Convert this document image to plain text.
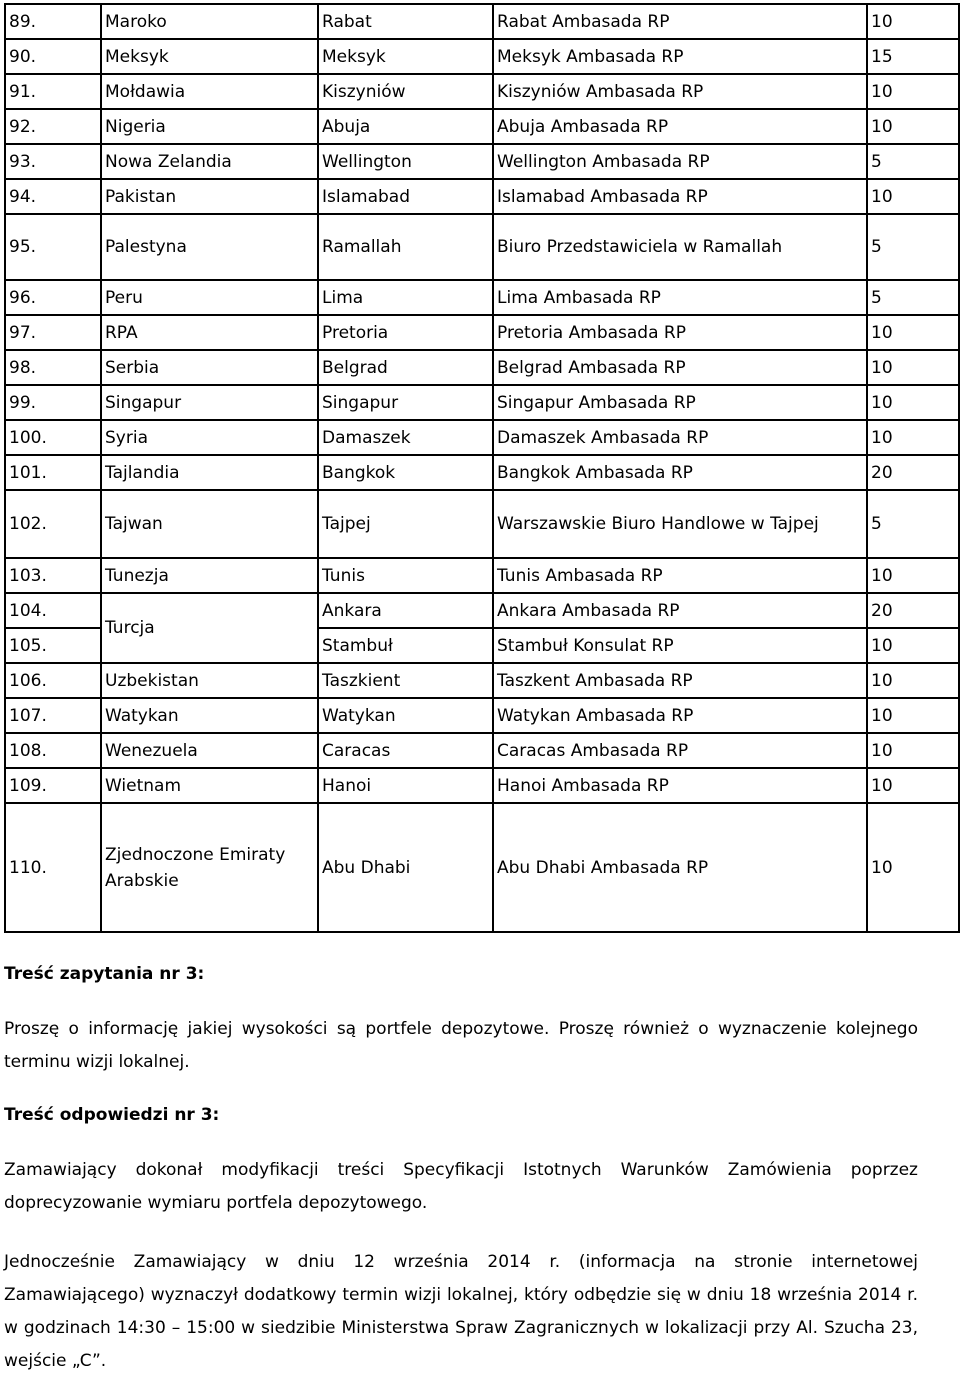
89.	Maroko	Rabat	Rabat Ambasada RP	10
90.	Meksyk	Meksyk	Meksyk Ambasada RP	15
91.	Mołdawia	Kiszyniów	Kiszyniów Ambasada RP	10
92.	Nigeria	Abuja	Abuja Ambasada RP	10
93.	Nowa Zelandia	Wellington	Wellington Ambasada RP	5
94.	Pakistan	Islamabad	Islamabad Ambasada RP	10
95.	Palestyna	Ramallah	Biuro Przedstawiciela w Ramallah	5
96.	Peru	Lima	Lima Ambasada RP	5
97.	RPA	Pretoria	Pretoria Ambasada RP	10
98.	Serbia	Belgrad	Belgrad Ambasada RP	10
99.	Singapur	Singapur	Singapur Ambasada RP	10
100.	Syria	Damaszek	Damaszek Ambasada RP	10
101.	Tajlandia	Bangkok	Bangkok Ambasada RP	20
102.	Tajwan	Tajpej	Warszawskie Biuro Handlowe w Tajpej	5
103.	Tunezja	Tunis	Tunis Ambasada RP	10
104.	Turcja	Ankara	Ankara Ambasada RP	20
105.		Stambuł	Stambuł Konsulat RP	10
106.	Uzbekistan	Taszkient	Taszkent Ambasada RP	10
107.	Watykan	Watykan	Watykan Ambasada RP	10
108.	Wenezuela	Caracas	Caracas Ambasada RP	10
109.	Wietnam	Hanoi	Hanoi Ambasada RP	10
110.	Zjednoczone Emiraty Arabskie	Abu Dhabi	Abu Dhabi Ambasada RP	10

Treść zapytania nr 3:

Proszę o informację jakiej wysokości są portfele depozytowe. Proszę również o wyznaczenie kolejnego terminu wizji lokalnej.

Treść odpowiedzi nr 3:

Zamawiający dokonał modyfikacji treści Specyfikacji Istotnych Warunków Zamówienia poprzez doprecyzowanie wymiaru portfela depozytowego.

Jednocześnie Zamawiający w dniu 12 września 2014 r. (informacja na stronie internetowej Zamawiającego) wyznaczył dodatkowy termin wizji lokalnej, który odbędzie się w dniu 18 września 2014 r. w godzinach 14:30 – 15:00 w siedzibie Ministerstwa Spraw Zagranicznych w lokalizacji przy Al. Szucha 23, wejście „C”.
